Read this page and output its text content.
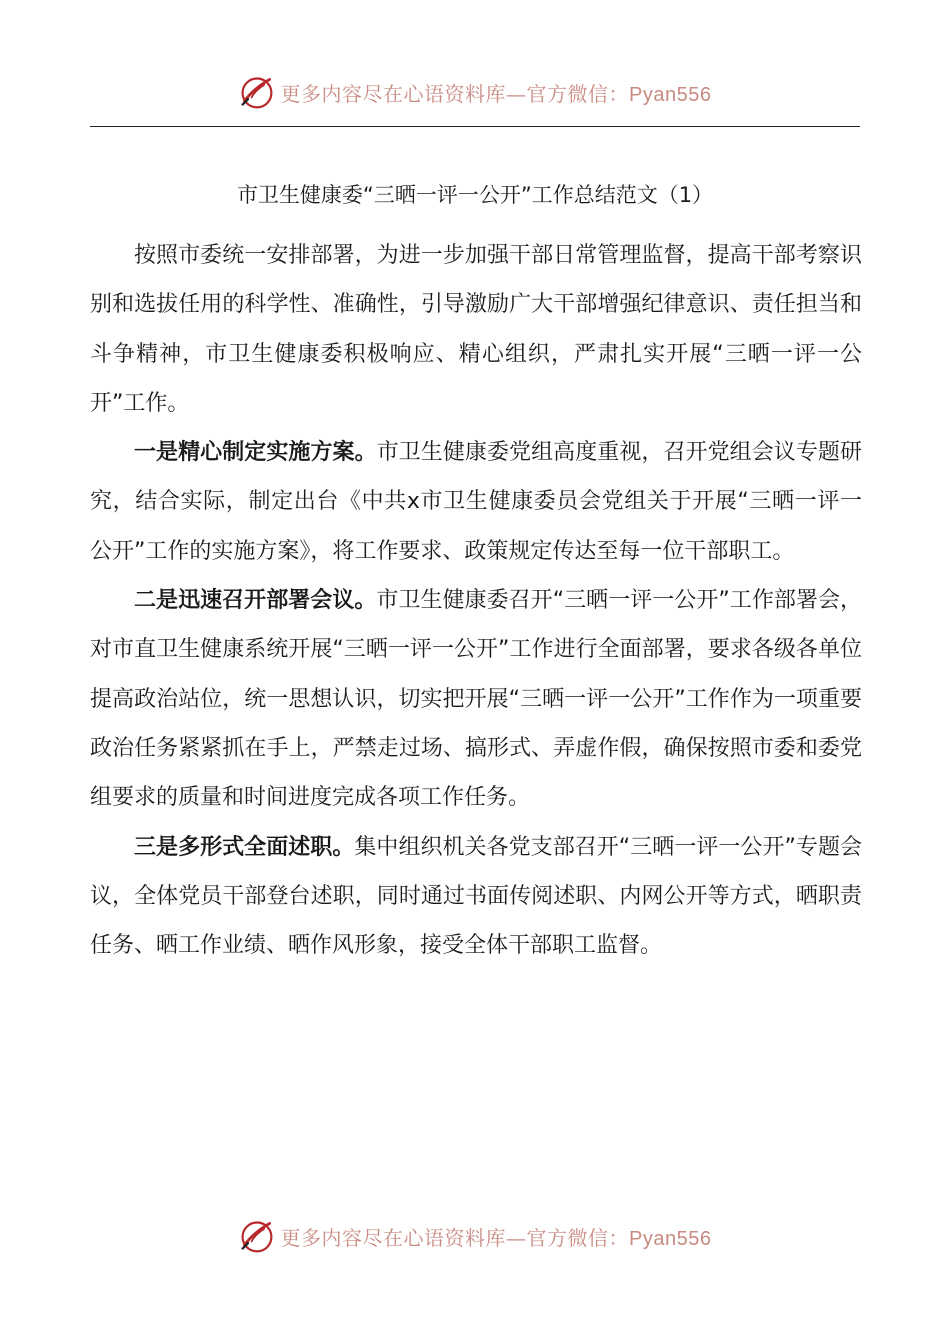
更多内容尽在心语资料库—官方微信：Pyan556
市卫生健康委“三晒一评一公开”工作总结范文（1）

按照市委统一安排部署，为进一步加强干部日常管理监督，提高干部考察识别和选拔任用的科学性、准确性，引导激励广大干部增强纪律意识、责任担当和斗争精神，市卫生健康委积极响应、精心组织，严肃扎实开展“三晒一评一公开”工作。

一是精心制定实施方案。市卫生健康委党组高度重视，召开党组会议专题研究，结合实际，制定出台《中共x市卫生健康委员会党组关于开展“三晒一评一公开”工作的实施方案》，将工作要求、政策规定传达至每一位干部职工。

二是迅速召开部署会议。市卫生健康委召开“三晒一评一公开”工作部署会，对市直卫生健康系统开展“三晒一评一公开”工作进行全面部署，要求各级各单位提高政治站位，统一思想认识，切实把开展“三晒一评一公开”工作作为一项重要政治任务紧紧抓在手上，严禁走过场、搞形式、弄虚作假，确保按照市委和委党组要求的质量和时间进度完成各项工作任务。

三是多形式全面述职。集中组织机关各党支部召开“三晒一评一公开”专题会议，全体党员干部登台述职，同时通过书面传阅述职、内网公开等方式，晒职责任务、晒工作业绩、晒作风形象，接受全体干部职工监督。

更多内容尽在心语资料库—官方微信：Pyan556
